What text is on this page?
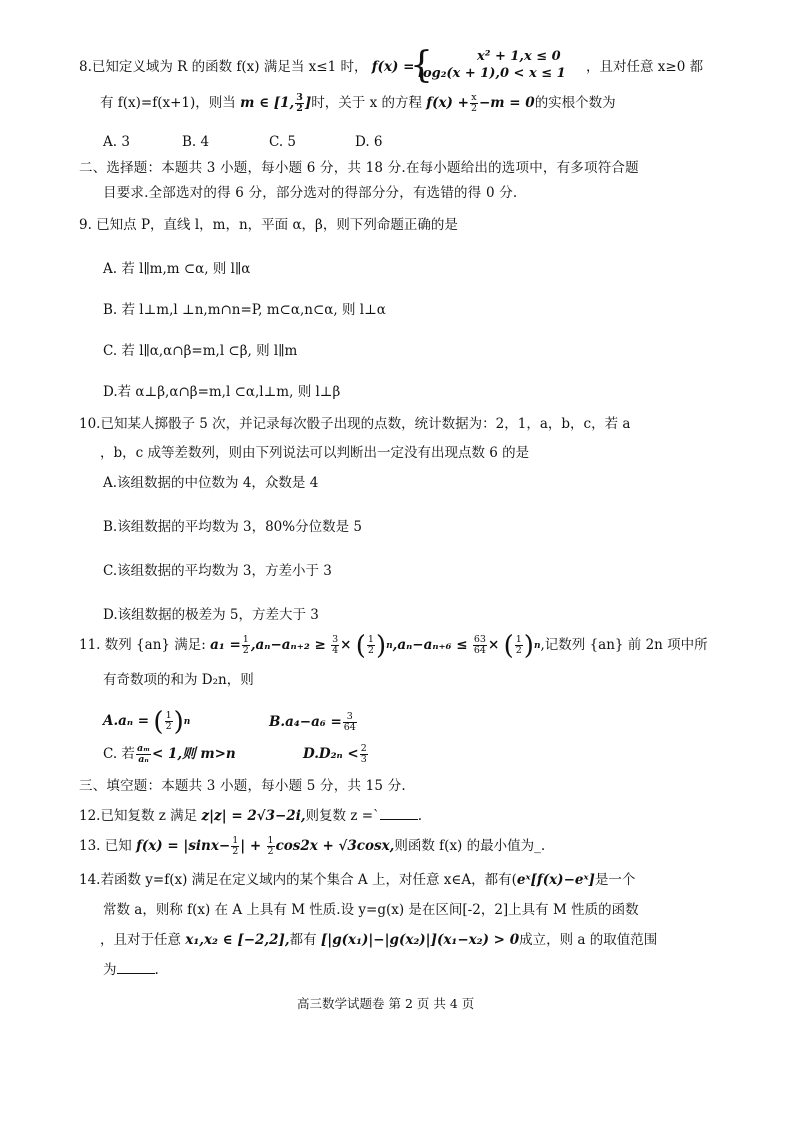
8.已知定义域为 R 的函数 f(x) 满足当 x≤1 时， f(x) =
{	x² + 1,x ≤ 0
log₂(x + 1),0 < x ≤ 1 ，且对任意 x≥0 都
有 f(x)=f(x+1)，则当 m ∈ [1, $\frac{3}{2}$ ]时，关于 x 的方程 $f(x) + \frac{x}{2} -m = 0$的实根个数为
A. 3	B. 4	C. 5	D. 6
二、选择题：本题共 3 小题，每小题 6 分，共 18 分.在每小题给出的选项中，有多项符合题
目要求.全部选对的得 6 分，部分选对的得部分分，有选错的得 0 分.
9. 已知点 P，直线 l，m，n，平面 α，β，则下列命题正确的是
A. 若 l∥m,m ⊂α, 则 l∥α
B. 若 l⊥m,l ⊥n,m∩n=P, m⊂α,n⊂α, 则 l⊥α
C. 若 l∥α,α∩β=m,l ⊂β, 则 l∥m
D.若 α⊥β,α∩β=m,l ⊂α,l⊥m, 则 l⊥β
10.已知某人掷骰子 5 次，并记录每次骰子出现的点数，统计数据为：2，1，a，b，c，若 a
，b，c 成等差数列，则由下列说法可以判断出一定没有出现点数 6 的是
A.该组数据的中位数为 4，众数是 4
B.该组数据的平均数为 3，80%分位数是 5
C.该组数据的平均数为 3，方差小于 3
D.该组数据的极差为 5，方差大于 3
11. 数列 {an} 满足: $a_1 = \frac{1}{2} ,a_n-a_{n+2} \ge \frac{3}{4}$ × ( $\frac{1}{2}$ ) n $,a_n-a_{n+6} \le \frac{63}{64}$ × ( $\frac{1}{2}$ ) n ,记数列 {an} 前 2n 项中所
有奇数项的和为 D₂n，则
A.aₙ = ( $\frac{1}{2}$ ) n	$B.a_4-a_6 = \frac{3}{64}$
C. 若 $\frac{\text{aₘ}}{\text{aₙ}} < 1$,则 m>n	$D.D_{2n} < \frac{2}{3}$
三、填空题：本题共 3 小题，每小题 5 分，共 15 分.
12.已知复数 z 满足 z|z| = 2√3−2i,则复数 z =`	.
13. 已知 $f(x) = |\sin x- \frac{1}{2}$ | + $\frac{1}{2} \cos 2x + √3\cos x$,则函数 f(x) 的最小值为_.
14.若函数 y=f(x) 满足在定义域内的某个集合 A 上，对任意 x∈A，都有(eˣ[f(x)−eˣ]是一个
常数 a，则称 f(x) 在 A 上具有 M 性质.设 y=g(x) 是在区间[-2，2]上具有 M 性质的函数
，且对于任意 x₁,x₂ ∈ [−2,2],都有 [|g(x₁)|−|g(x₂)|](x₁−x₂) > 0成立，则 a 的取值范围
为	.
高三数学试题卷 第 2 页 共 4 页
